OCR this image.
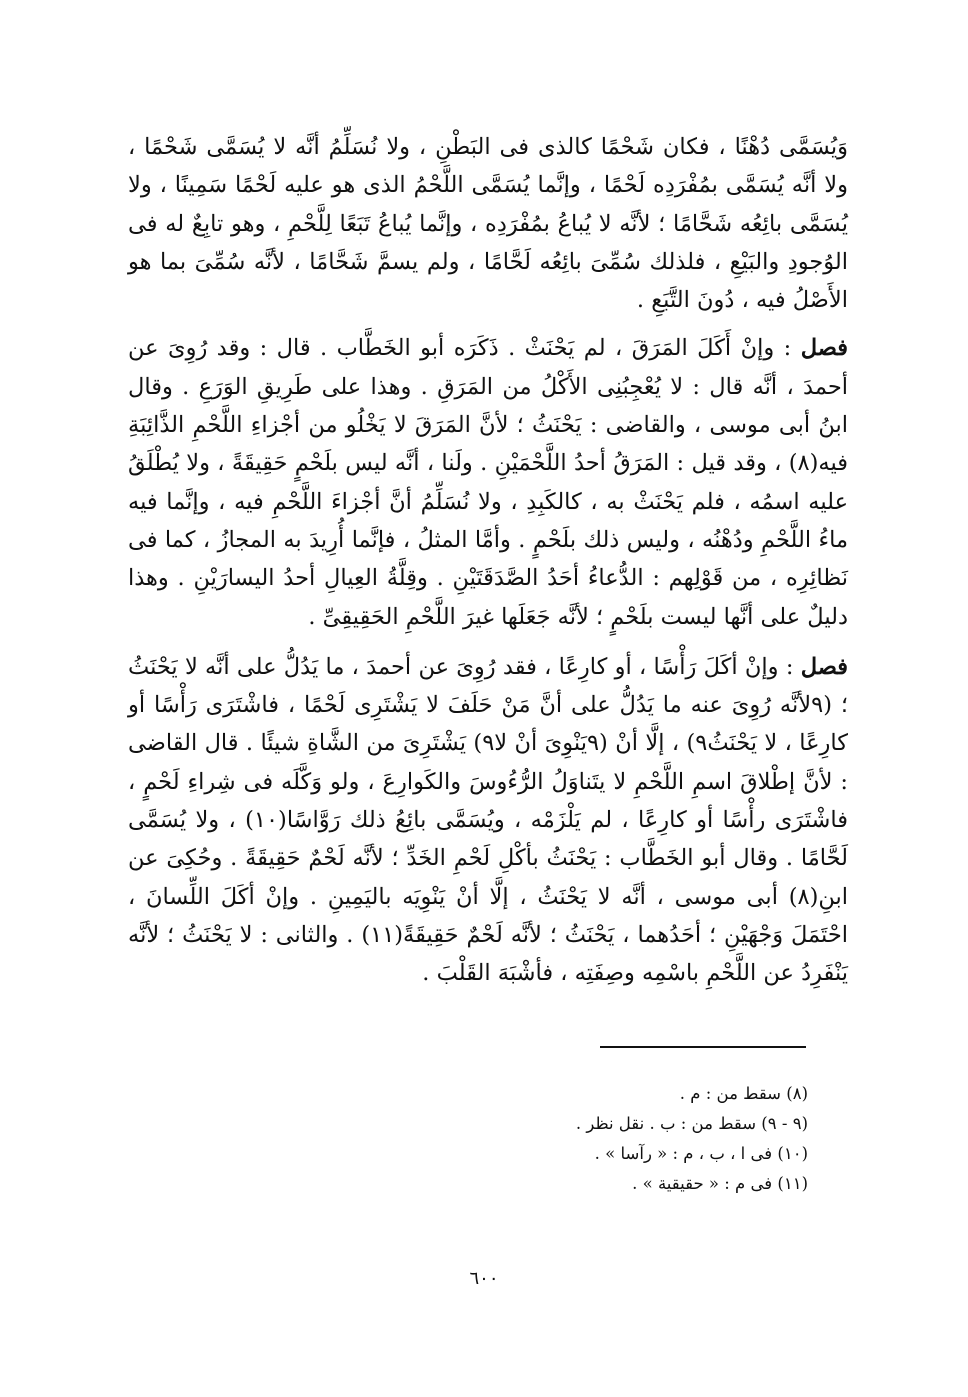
وَيُسَمَّى دُهْنًا ، فكان شَحْمًا كالذى فى البَطْنِ ، ولا نُسَلِّمُ أنَّه لا يُسَمَّى شَحْمًا ، ولا أنَّه يُسَمَّى بمُفْرَدِه لَحْمًا ، وإنَّما يُسَمَّى اللَّحْمُ الذى هو عليه لَحْمًا سَمِينًا ، ولا يُسَمَّى بائِعُه شَحَّامًا ؛ لأنَّه لا يُباعُ بمُفْرَدِه ، وإنَّما يُباعُ تَبَعًا لِلَّحْمِ ، وهو تابِعٌ له فى الوُجودِ والبَيْعِ ، فلذلك سُمِّىَ بائِعُه لَحَّامًا ، ولم يسمَّ شَحَّامًا ، لأنَّه سُمِّىَ بما هو الأَصْلُ فيه ، دُونَ التَّبَعِ .

فصل : وإنْ أَكَلَ المَرَقَ ، لم يَحْنَثْ . ذَكَرَه أبو الخَطَّاب . قال : وقد رُوِىَ عن أحمدَ ، أنَّه قال : لا يُعْجِبُنِى الأَكْلُ من المَرَقِ . وهذا على طَرِيقِ الوَرَعِ . وقال ابنُ أبى موسى ، والقاضى : يَحْنَثُ ؛ لأنَّ المَرَقَ لا يَخْلُو من أجْزاءِ اللَّحْمِ الذَّائِبَةِ فيه(٨) ، وقد قيل : المَرَقُ أحدُ اللَّحْمَيْنِ . ولَنا ، أنَّه ليس بلَحْمٍ حَقِيقَةً ، ولا يُطْلَقُ عليه اسمُه ، فلم يَحْنَثْ به ، كالكَبِدِ ، ولا نُسَلِّمُ أنَّ أجْزاءَ اللَّحْمِ فيه ، وإنَّما فيه ماءُ اللَّحْمِ ودُهْنُه ، وليس ذلك بلَحْمٍ . وأمَّا المثلُ ، فإنَّما أُرِيدَ به المجازُ ، كما فى نَظائِرِه ، من قَوْلِهم : الدُّعاءُ أحَدُ الصَّدَقَتَيْنِ . وقِلَّةُ العِيالِ أحدُ اليسارَيْنِ . وهذا دليلٌ على أنَّها ليست بلَحْمٍ ؛ لأنَّه جَعَلَها غيرَ اللَّحْمِ الحَقِيقِىِّ .

فصل : وإنْ أكَلَ رَأْسًا ، أو كارِعًا ، فقد رُوِىَ عن أحمدَ ، ما يَدُلُّ على أنَّه لا يَحْنَثُ ؛ (٩لأنَّه رُوِىَ عنه ما يَدُلُّ على أنَّ مَنْ حَلَفَ لا يَشْتَرِى لَحْمًا ، فاشْتَرَى رَأْسًا أو كارِعًا ، لا يَحْنَثُ٩) ، إلَّا أنْ (٩يَنْوِىَ أنْ لا٩) يَشْتَرِىَ من الشَّاةِ شيئًا . قال القاضى : لأنَّ إطْلاقَ اسمِ اللَّحْمِ لا يتَناوَلُ الرُّءُوسَ والكَوارِعَ ، ولو وَكَّلَه فى شِراءِ لَحْمٍ ، فاشْتَرَى رأْسًا أو كارِعًا ، لم يَلْزَمْه ، ويُسَمَّى بائِعُ ذلك رَوَّاسًا(١٠) ، ولا يُسَمَّى لَحَّامًا . وقال أبو الخَطَّاب : يَحْنَثُ بأكْلِ لَحْمِ الخَدِّ ؛ لأنَّه لَحْمٌ حَقِيقَةً . وحُكِىَ عن ابنِ(٨) أبى موسى ، أنَّه لا يَحْنَثُ ، إلَّا أنْ يَنْوِيَه باليَمِينِ . وإنْ أكَلَ اللِّسانَ ، احْتَمَلَ وَجْهَيْنِ ؛ أحَدُهما ، يَحْنَثُ ؛ لأنَّه لَحْمٌ حَقِيقَةً(١١) . والثانى : لا يَحْنَثُ ؛ لأنَّه يَنْفَرِدُ عن اللَّحْمِ باسْمِه وصِفَتِه ، فأشْبَهَ القَلْبَ .

(٨) سقط من : م .

(٩ - ٩) سقط من : ب . نقل نظر .

(١٠) فى ا ، ب ، م : « رآسا » .

(١١) فى م : « حقيقية » .

٦٠٠
